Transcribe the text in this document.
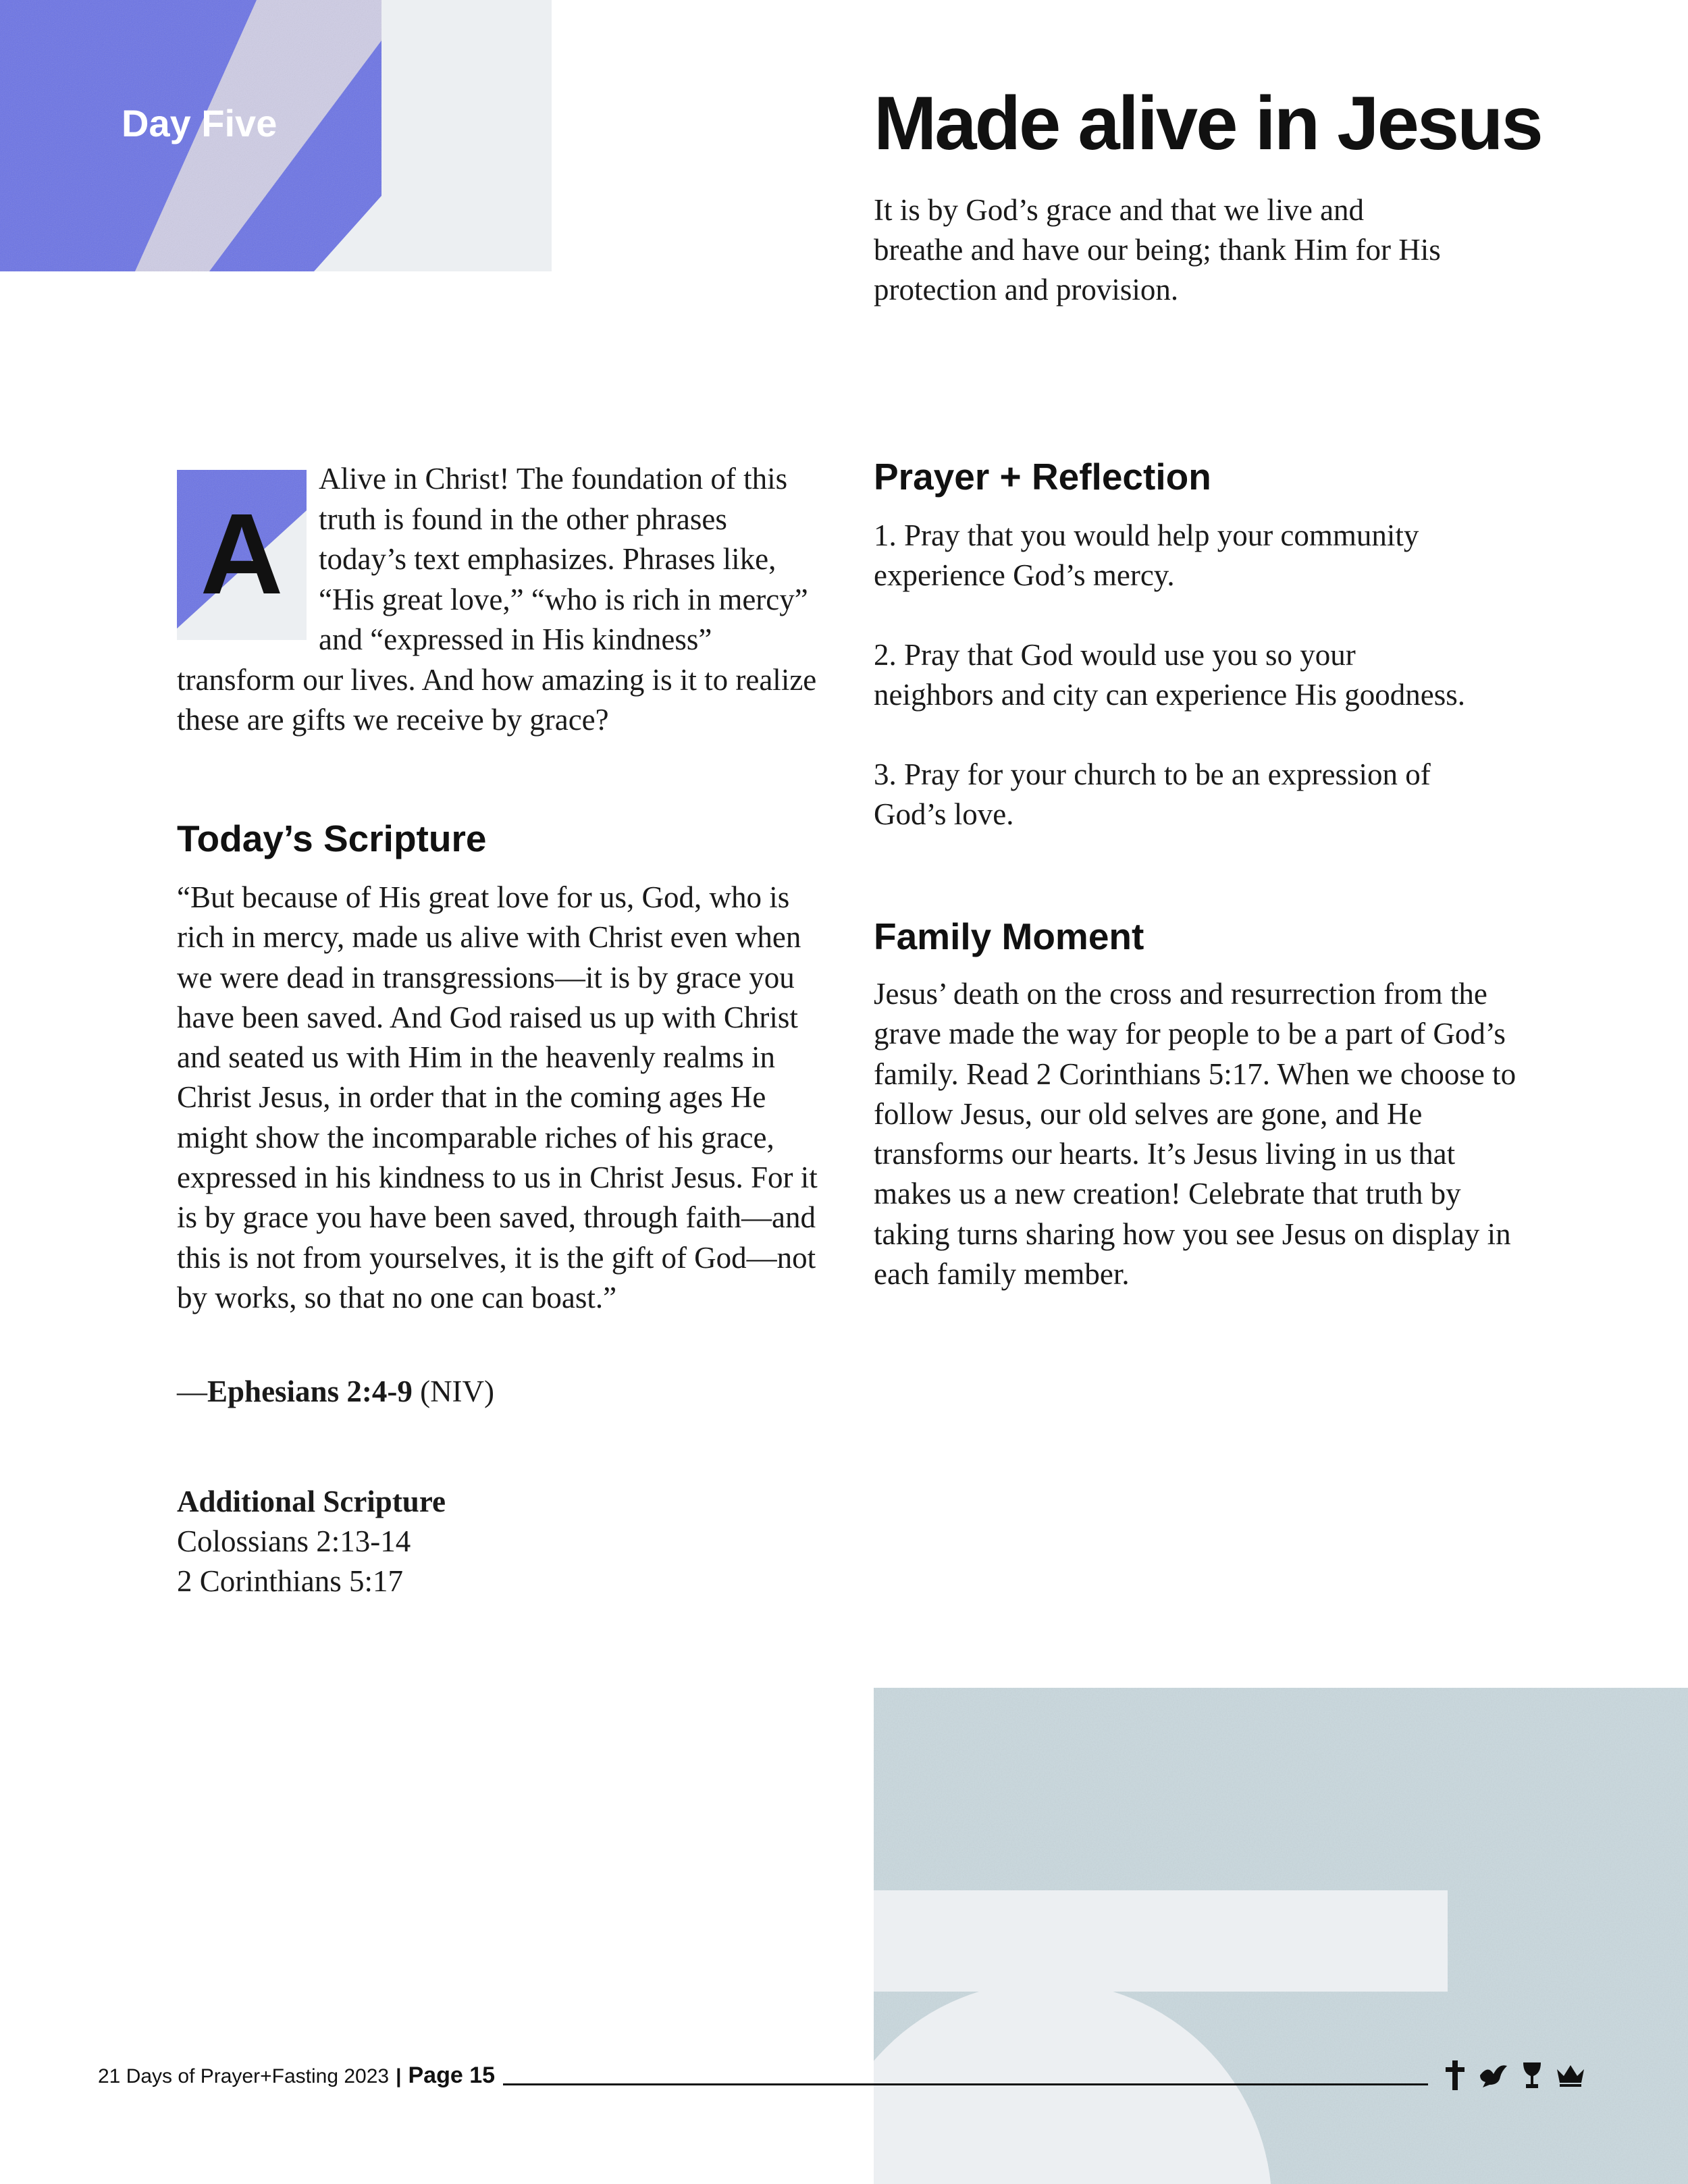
Day Five	Made alive in Jesus

It is by God’s grace and that we live and breathe and have our being; thank Him for His protection and provision.

A

Alive in Christ! The foundation of this truth is found in the other phrases today’s text emphasizes. Phrases like, “His great love,” “who is rich in mercy” and “expressed in His kindness” transform our lives. And how amazing is it to realize these are gifts we receive by grace?

Today’s Scripture

“But because of His great love for us, God, who is rich in mercy, made us alive with Christ even when we were dead in transgressions—it is by grace you have been saved. And God raised us up with Christ and seated us with Him in the heavenly realms in Christ Jesus, in order that in the coming ages He might show the incomparable riches of his grace, expressed in his kindness to us in Christ Jesus. For it is by grace you have been saved, through faith—and this is not from yourselves, it is the gift of God—not by works, so that no one can boast.”

—Ephesians 2:4-9 (NIV)

Additional Scripture
Colossians 2:13-14
2 Corinthians 5:17
Prayer + Reflection
1. Pray that you would help your community experience God’s mercy.
2. Pray that God would use you so your neighbors and city can experience His goodness.
3. Pray for your church to be an expression of God’s love.
Family Moment

Jesus’ death on the cross and resurrection from the grave made the way for people to be a part of God’s family. Read 2 Corinthians 5:17. When we choose to follow Jesus, our old selves are gone, and He transforms our hearts. It’s Jesus living in us that makes us a new creation! Celebrate that truth by taking turns sharing how you see Jesus on display in each family member.

21 Days of Prayer+Fasting 2023 | Page 15
